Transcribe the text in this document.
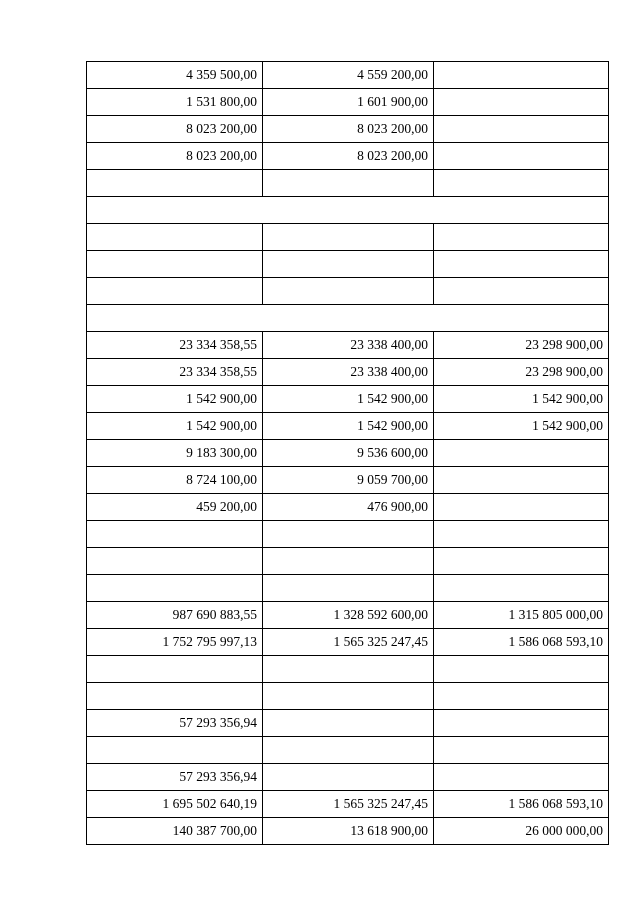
4 359 500,00	4 559 200,00	
1 531 800,00	1 601 900,00	
8 023 200,00	8 023 200,00	
8 023 200,00	8 023 200,00	

23 334 358,55	23 338 400,00	23 298 900,00
23 334 358,55	23 338 400,00	23 298 900,00
1 542 900,00	1 542 900,00	1 542 900,00
1 542 900,00	1 542 900,00	1 542 900,00
9 183 300,00	9 536 600,00	
8 724 100,00	9 059 700,00	
459 200,00	476 900,00	

987 690 883,55	1 328 592 600,00	1 315 805 000,00
1 752 795 997,13	1 565 325 247,45	1 586 068 593,10

57 293 356,94		

57 293 356,94		
1 695 502 640,19	1 565 325 247,45	1 586 068 593,10
140 387 700,00	13 618 900,00	26 000 000,00
